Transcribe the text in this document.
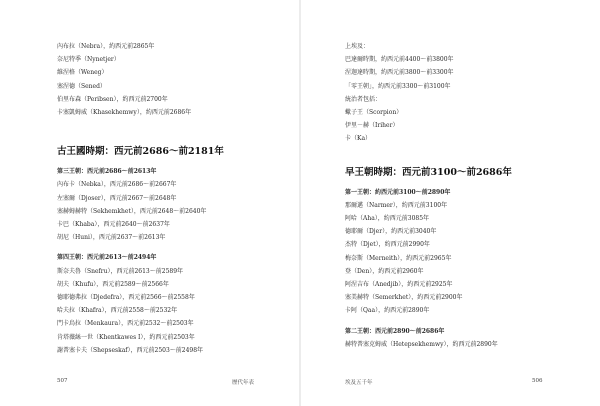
內布拉（Nebra），約西元前2865年
奈尼特季（Nynetjer）
維涅格（Weneg）
塞涅德（Sened）
伯里布森（Peribsen），約西元前2700年
卡塞凱姆威（Khasekhemwy），約西元前2686年
古王國時期：西元前2686～前2181年
第三王朝：西元前2686～前2613年
內布卡（Nebka），西元前2686～前2667年
左塞爾（Djoser），西元前2667～前2648年
塞赫姆赫特（Sekhemkhet），西元前2648～前2640年
卡巴（Khaba），西元前2640～前2637年
胡尼（Huni），西元前2637～前2613年
第四王朝：西元前2613～前2494年
斯奈夫魯（Snefru），西元前2613～前2589年
胡夫（Khufu），西元前2589～前2566年
德耶德弗拉（Djedefra），西元前2566～前2558年
哈夫拉（Khafra），西元前2558～前2532年
門卡烏拉（Menkaura），西元前2532～前2503年
肯塔薇絲一世（Khentkawes I），約西元前2503年
謝普塞卡夫（Shepseskaf），西元前2503～前2498年
507	歷代年表
上埃及：
巴達爾時期，約西元前4400～前3800年
涅迦達時期，約西元前3800～前3300年
「零王朝」，約西元前3300～前3100年
統治者包括：
蠍子王（Scorpion）
伊里－赫（Iriher）
卡（Ka）
早王朝時期：西元前3100～前2686年
第一王朝：約西元前3100～前2890年
那爾邁（Narmer），約西元前3100年
阿哈（Aha），約西元前3085年
德耶爾（Djer），約西元前3040年
杰特（Djet），約西元前2990年
梅奈斯（Merneith），約西元前2965年
登（Den），約西元前2960年
阿涅吉布（Anedjib），約西元前2925年
塞美赫特（Semerkhet），約西元前2900年
卡阿（Qaa），約西元前2890年
第二王朝：西元前2890～前2686年
赫特普塞克姆威（Hetepsekhemwy），約西元前2890年
埃及五千年	506
